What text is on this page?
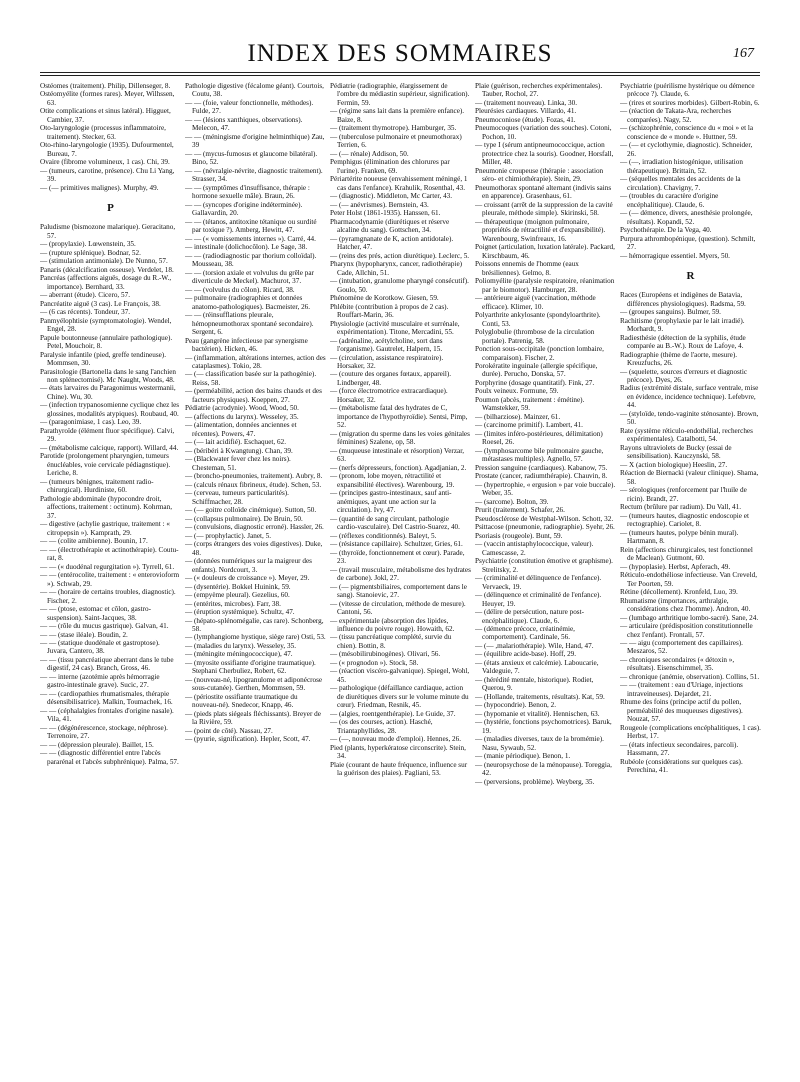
INDEX DES SOMMAIRES	167
Ostéomes (traitement). Philip, Dillenseger, 8.
Ostéomyélite (formes rares). Meyer, Wilhssen, 63.
Otite complications et sinus latéral). Higguet, Cambier, 37.
Oto-laryngologie (processus inflammatoire, traitement). Stecker, 63.
Oto-rhino-laryngologie (1935). Dufourmentel, Bureau, 7.
Ovaire (fibrome volumineux, 1 cas). Chi, 39.
— (tumeurs, carotine, présence). Chu Li Yang, 39.
— (— primitives malignes). Murphy, 49.
P
Paludisme (bismozone malarique). Geracitano, 57.
— (propylaxie). Lœwenstein, 35.
— (rupture splénique). Bodnar, 52.
— (stimulation antimoniale). De Nunno, 57.
Panaris (décalcification osseuse). Verdelet, 18.
Pancréas (affections aiguës, dosage du R.-W., importance). Bernhard, 33.
— aberrant (étude). Cicero, 57.
Pancréatite aiguë (3 cas). Le François, 38.
— (6 cas récents). Tondeur, 37.
Panmyélophtisie (symptomatologie). Wendel, Engel, 28.
Papule boutonneuse (annulaire pathologique). Petel, Mouchoir, 8.
Paralysie infantile (pied, greffe tendineuse). Mommsen, 30.
Parasitologie (Bartonella dans le sang l'anchien non splénectomisé). Mc Naught, Woods, 48.
— états larvaires du Paragonimus westermanii, Chine). Wu, 30.
— (infection trypanosomienne cyclique chez les glossines, modalités atypiques). Roubaud, 40.
— (paragonimiase, 1 cas). Leo, 39.
Parathyroïde (élément fluor spécifique). Calvi, 29.
— (métabolisme calcique, rapport). Willard, 44.
Parotide (prolongement pharyngien, tumeurs énucléables, voie cervicale pédiagnstique). Leriche, 8.
— (tumeurs bénignes, traitement radio-chirurgical). Hurdiniste, 60.
Pathologie abdominale (hypocondre droit, affections, traitement : octinum). Kohrman, 37.
— digestive (achylie gastrique, traitement : « citropepsin »). Kamprath, 29.
— — (colite amibienne). Bounin, 17.
— — (électrothérapie et actinothérapie). Coutu-rat, 8.
— — (« duodénal regurgitation »). Tyrrell, 61.
— — (entérocolite, traitement : « enterovioform »). Schwab, 29.
— — (horaire de certains troubles, diagnostic). Fischer, 2.
— — (ptose, estomac et côlon, gastro-suspension). Saint-Jacques, 38.
— — (rôle du mucus gastrique). Galvan, 41.
— — (stase iléale). Boudin, 2.
— — (statique duodénale et gastroptose). Juvara, Cantero, 38.
— — (tissu pancréatique aberrant dans le tube digestif, 24 cas). Branch, Gross, 46.
— — interne (azotémie après hémorragie gastro-intestinale grave). Sucic, 27.
— — (cardiopathies rhumatismales, thérapie désensibilisatrice). Malkin, Toumachek, 16.
— — (céphalalgies frontales d'origine nasale). Vila, 41.
— — (dégénérescence, stockage, néphrose). Terrenoire, 27.
— — (dépression pleurale). Baillet, 15.
— — (diagnostic différentiel entre l'abcès pararénal et l'abcès subphrénique). Palma, 57.
Pathologie digestive (fécalome géant). Courtois, Coutu, 38.
— — (foie, valeur fonctionnelle, méthodes). Fulde, 27.
— — (lésions xanthiques, observations). Melecon, 47.
— — (méningisme d'origine helminthique) Zau, 39
— — (mycus-fumosus et glaucome bilatéral). Bino, 52.
— — (névralgie-névrite, diagnostic traitement). Strasser, 34.
— — (symptômes d'insuffisance, thérapie : hormone sexuelle mâle). Braun, 26.
— — (syncopes d'origine indéterminée). Gallavardin, 20.
— — (tétanos, antitoxine tétanique ou surdité par toxique ?). Amberg, Hewitt, 47.
— — (« vomissements internes »). Carré, 44.
— intestinale (dolichocôlon). Le Sage, 38.
— — (radiodiagnostic par thorium colloïdal). Mousseau, 38.
— — (torsion axiale et volvulus du grêle par diverticule de Meckel). Machurot, 37.
— — (volvulus du côlon). Ricard, 38.
— pulmonaire (radiographies et données anatomo-pathologiques). Bacmeister, 26.
— — (réinsufflations pleurale, hémopneumothorax spontané secondaire). Sergent, 6.
Peau (gangrène infectieuse par synergisme bactérien). Hicken, 46.
— (inflammation, altérations internes, action des cataplasmes). Tokio, 28.
— (— classification basée sur la pathogénie). Reiss, 58.
— (perméabilité, action des bains chauds et des facteurs physiques). Koeppen, 27.
Pédiatrie (acrodynie). Wood, Wood, 50.
— (affections du larynx). Wesseley, 35.
— (alimentation, données anciennes et récentes). Powers, 47.
— (— lait acidifié). Eschaquet, 62.
— (béribéri à Kwangtung). Chan, 39.
— (Blackwater fever chez les noirs). Chesteman, 51.
— (broncho-pneumonies, traitement). Aubry, 8.
— (calculs rénaux fibrineux, étude). Schen, 53.
— (cerveau, tumeurs particularités). Schiffmacher, 28.
— (— goitre colloïde cinémique). Sutton, 50.
— (collapsus pulmonaire). De Bruin, 50.
— (convulsions, diagnostic erroné). Hassler, 26.
— (— prophylactic). Janet, 5.
— (corps étrangers des voies digestives). Duke, 48.
— (données numériques sur la maigreur des enfants). Nordcourt, 3.
— (« douleurs de croissance »). Meyer, 29.
— (dysentérie). Bokkel Huinink, 59.
— (empyème pleural). Gezelius, 60.
— (entérites, microbes). Farr, 38.
— (éruption systémique). Schultz, 47.
— (hépato-splénomégalie, cas rare). Schonberg, 58.
— (lymphangiome hystique, siège rare) Osti, 53.
— (maladies du larynx). Wesseley, 35.
— (méningite méningococcique), 47.
— (myosite ossifiante d'origine traumatique). Stephani Cherbuliez, Robert, 62.
— (nouveau-né, lipogranulome et adiponécrose sous-cutanée). Gerthen, Mommsen, 59.
— (périostite ossifiante traumatique du nouveau-né). Snedecor, Knapp, 46.
— (pieds plats siégeals fléchissants). Breyer de la Rivière, 59.
— (point de côté). Nassau, 27.
— (pyurie, signification). Hepler, Scott, 47.
Pédiatrie (radiographie, élargissement de l'ombre du médiastin supérieur, signification). Fermin, 59.
— (régime sans lait dans la première enfance). Baize, 8.
— (traitement thymotrope). Hamburger, 35.
— (tuberculose pulmonaire et pneumothorax) Terrien, 6.
— (— rénale) Addison, 50.
Pemphigus (élimination des chlorures par l'urine). Franken, 69.
Périartérite noueuse (envahissement méningé, 1 cas dans l'enfance). Krahulik, Rosenthal, 43.
— (diagnostic). Middleton, Mc Carter, 43.
— (— anévrismes). Bernstein, 43.
Peter Holst (1861-1935). Hanssen, 61.
Pharmacodynamie (diurétiques et réserve alcaline du sang). Gottschen, 34.
— (pyramgnanate de K, action antidotale). Hatcher, 47.
— (reins des prés, action diurétique). Leclerc, 5.
Pharynx (hypopharynx, cancer, radiothérapie) Cade, Allchin, 51.
— (intubation, granulome pharyngé consécutif). Goulo, 50.
Phénomène de Korotkow. Giesen, 59.
Phlébite (contribution à propos de 2 cas). Rouffart-Marin, 36.
Physiologie (activité musculaire et surrénale, expérimentation). Titone, Mercadini, 55.
— (adrénaline, acétylcholine, sort dans l'organisme). Gautrelet, Halpern, 15.
— (circulation, assistance respiratoire). Horsaker, 32.
— (couture des organes fœtaux, appareil). Lindberger, 48.
— (force électromotrice extracardiaque). Horsaker, 32.
— (métabolisme fatal des hydrates de C, importance de l'hypothyroïdie). Sentsi, Pimp, 52.
— (migration du sperme dans les voies génitales féminines) Szalene, op, 58.
— (muqueuse intestinale et résorption) Verzar, 63.
— (nerfs dépresseurs, fonction). Agadjanian, 2.
— (pronom, lobe moyen, rétractilité et expansibilité électives). Warenbourg, 19.
— (principes gastro-intestinaux, sauf anti-anémiques, ayant une action sur la circulation). Ivy, 47.
— (quantité de sang circulant, pathologie cardio-vasculaire). Del Castrio-Suarez, 40.
— (réflexes conditionnés). Baleyt, 5.
— (résistance capillaire). Schultzer, Gries, 61.
— (thyroïde, fonctionnement et cœur). Parade, 23.
— (travail musculaire, métabolisme des hydrates de carbone). Jokl, 27.
— (— pigmentsbiliaires, comportement dans le sang). Stanoievic, 27.
— (vitesse de circulation, méthode de mesure). Cantoni, 56.
— expérimentale (absorption des lipides, influence du poivre rouge). Howaith, 62.
— (tissu pancréatique complété, survie du chien). Bottin, 8.
— (mésobilirubinogènes). Olivari, 56.
— (« prognodon »). Stock, 58.
— (réaction viscéro-galvanique). Spiegel, Wohl, 45.
— pathologique (défaillance cardiaque, action de diurétiques divers sur le volume minute du cœur). Friedman, Resnik, 45.
— (algies, roentgenthérapie). Le Guide, 37.
— (os des courses, action). Hasché, Triantaphyllides, 28.
— (—, nouveau mode d'emploi). Hennes, 26.
Pied (plants, hyperkératose circonscrite). Stein, 34.
Plaie (courant de haute fréquence, influence sur la guérison des plaies). Pagliani, 53.
Plaie (guérison, recherches expérimentales). Tauber, Rochol, 27.
— (traitement nouveau). Linka, 30.
Pleurésies cardiaques. Villardo, 41.
Pneumoconiose (étude). Fozas, 41.
Pneumocoques (variation des souches). Cotoni, Pochon, 10.
— type I (sérum antipneumococcique, action protectrice chez la souris). Goodner, Horsfall, Miller, 48.
Pneumonie croupeuse (thérapie : association séro- et chimiothérapie). Stein, 29.
Pneumothorax spontané alternant (indivis sains en apparence). Grasenhaus, 61.
— croissant (arrêt de la suppression de la cavité pleurale, méthode simple). Skirinski, 58.
— thérapeutique (moignon pulmonaire, propriétés de rétractilité et d'expansibilité). Warenbourg, Swinfreaux, 16.
Poignet (articulation, luxation latérale). Packard, Kirschbaum, 46.
Poissons ennemis de l'homme (eaux brésiliennes). Gelmo, 8.
Poliomyélite (paralysie respiratoire, réanimation par le biomotor). Hamburger, 28.
— antérieure aiguë (vaccination, méthode efficace). Klimer, 10.
Polyarthrite ankylosante (spondyloarthrite). Conti, 53.
Polyglobulie (thrombose de la circulation portale). Patrenig, 58.
Ponction sous-occipitale (ponction lombaire, comparaison). Fischer, 2.
Porokératite inguinale (allergie spécifique, durée). Perucho, Donska, 57.
Porphyrine (dosage quantitatif). Fink, 27.
Poulx veineux. Formune, 59.
Poumon (abcès, traitement : émétine). Wamstekker, 59.
— (bilharziose). Mainzer, 61.
— (carcinome primitif). Lambert, 41.
— (limites inféro-postérieures, délimitation) Roesel, 26.
— (lymphosarcome bile pulmonaire gauche, métastases multiples). Agnello, 57.
Pression sanguine (cardiaques). Kabanow, 75.
Prostate (cancer, radiumthérapie). Chauvin, 8.
— (hypertrophie, « ergusion » par voie buccale). Weber, 35.
— (sarcome). Bolton, 39.
Prurit (traitement). Schafer, 26.
Pseudosclérose de Westphal-Wilson. Schott, 32.
Psittacose (pneumonie, radiographie). Syehr, 26.
Psoriasis (rougeole). Bunt, 59.
— (vaccin antistaphylococcique, valeur). Camescasse, 2.
Psychiatrie (constitution émotive et graphisme). Strelitsky, 2.
— (criminalité et délinquence de l'enfance). Vervaeck, 19.
— (délinquence et criminalité de l'enfance). Heuyer, 19.
— (délire de persécution, nature post-encéphalitique). Claude, 6.
— (démence précoce, créatinémie, comportement). Cardinale, 56.
— (— ,malariothérapie). Wile, Hand, 47.
— (équilibre acide-base). Hoff, 29.
— (états anxieux et calcémie). Laboucarie, Valdeguie, 7.
— (hérédité mentale, historique). Rodiet, Querou, 9.
— (Hollande, traitements, résultats). Kat, 59.
— (hypocondrie). Benon, 2.
— (hypomanie et vitalité). Hennischen, 63.
— (hystérie, fonctions psychomotrices). Baruk, 19.
— (maladies diverses, taux de la bromémie). Nasu, Sywaub, 52.
— (manie périodique). Benon, 1.
— (neuropsychose de la ménopause). Toreggia, 42.
— (perversions, problème). Weyberg, 35.
Psychiatrie (puérilisme hystérique ou démence précoce ?). Claude, 6.
— (rires et sourires morbides). Gilbert-Robin, 6.
— (réaction de Takata-Ara, recherches comparées). Nagy, 52.
— (schizophrénie, conscience du « moi » et la conscience de « monde ». Huttner, 59.
— (— et cyclothymie, diagnostic). Schneider, 26.
— (—, irradiation histogénique, utilisation thérapeutique). Brittain, 52.
— (séquelles mentales des accidents de la circulation). Chavigny, 7.
— (troubles du caractère d'origine encéphalitique). Claude, 6.
— (— démence, divers, anesthésie prolongée, résultats). Kopandi, 52.
Psychothérapie. De la Vega, 40.
Purpura athrombopénique, (question). Schmilt, 27.
— hémorragique essentiel. Myers, 50.
R
Races (Européens et indigènes de Batavia, différences physiologiques). Radsma, 59.
— (groupes sanguins). Bulmer, 59.
Rachitisme (prophylaxie par le lait irradié). Morhardt, 9.
Radiesthésie (détection de la syphilis, étude comparée au B.-W.). Roux de Lafoye, 4.
Radiographie (thème de l'aorte, mesure). Kreuzfuchs, 26.
— (squelette, sources d'erreurs et diagnostic précoce). Dyes, 26.
Radius (extrémité distale, surface ventrale, mise en évidence, incidence technique). Lefebvre, 44.
— (styloïde, tendo-vaginite sténosante). Brown, 50.
Rate (système réticulo-endothélial, recherches expérimentales). Catalbotti, 54.
Rayons ultraviolets de Bucky (essai de sensibilisation). Kauczynski, 58.
— X (action biologique) Heeslin, 27.
Réaction de Biernacki (valeur clinique). Shama, 58.
— sérologiques (renforcement par l'huile de ricin). Brandt, 27.
Rectum (brûlure par radium). Du Vall, 41.
— (tumeurs hautes, diagnostic endoscopie et rectographie). Cariolet, 8.
— (tumeurs hautes, polype bénin mural). Hartmann, 8.
Rein (affections chirurgicales, test fonctionnel de Maclean). Gutmont, 60.
— (hypoplasie). Herbst, Apferach, 49.
Réticulo-endothéliose infectieuse. Van Creveld, Ter Poorten, 59.
Rétine (décollement). Kronfeld, Luo, 39.
Rhumatisme (importances, arthralgie, considérations chez l'homme). Andron, 40.
— (lumbago arthritique lombo-sacré). Sane, 24.
— articulaire (prédisposition constitutionnelle chez l'enfant). Frontali, 57.
— — aigu (comportement des capillaires). Meszaros, 52.
— chroniques secondaires (« détoxin », résultats). Eisenschimmel, 35.
— chronique (anémie, observation). Collins, 51.
— — (traitement : eau d'Uriage, injections intraveineuses). Dejardet, 21.
Rhume des foins (principe actif du pollen, perméabilité des muqueuses digestives). Nouzat, 57.
Rougeole (complications encéphalitiques, 1 cas). Herbst, 17.
— (états infectieux secondaires, parcoli). Hassmann, 27.
Rubéole (considérations sur quelques cas). Perechina, 41.
